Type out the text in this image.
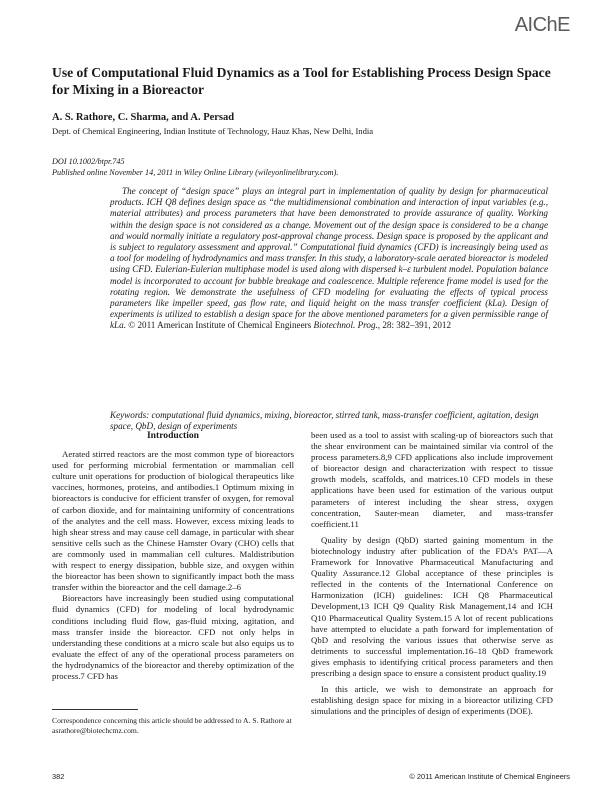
AIChE
Use of Computational Fluid Dynamics as a Tool for Establishing Process Design Space for Mixing in a Bioreactor
A. S. Rathore, C. Sharma, and A. Persad
Dept. of Chemical Engineering, Indian Institute of Technology, Hauz Khas, New Delhi, India
DOI 10.1002/btpr.745
Published online November 14, 2011 in Wiley Online Library (wileyonlinelibrary.com).

The concept of “design space” plays an integral part in implementation of quality by design for pharmaceutical products. ICH Q8 defines design space as “the multidimensional combination and interaction of input variables (e.g., material attributes) and process parameters that have been demonstrated to provide assurance of quality. Working within the design space is not considered as a change. Movement out of the design space is considered to be a change and would normally initiate a regulatory post-approval change process. Design space is proposed by the applicant and is subject to regulatory assessment and approval.” Computational fluid dynamics (CFD) is increasingly being used as a tool for modeling of hydrodynamics and mass transfer. In this study, a laboratory-scale aerated bioreactor is modeled using CFD. Eulerian-Eulerian multiphase model is used along with dispersed k–ε turbulent model. Population balance model is incorporated to account for bubble breakage and coalescence. Multiple reference frame model is used for the rotating region. We demonstrate the usefulness of CFD modeling for evaluating the effects of typical process parameters like impeller speed, gas flow rate, and liquid height on the mass transfer coefficient (kLa). Design of experiments is utilized to establish a design space for the above mentioned parameters for a given permissible range of kLa. © 2011 American Institute of Chemical Engineers Biotechnol. Prog., 28: 382–391, 2012

Keywords: computational fluid dynamics, mixing, bioreactor, stirred tank, mass-transfer coefficient, agitation, design space, QbD, design of experiments

Introduction

Aerated stirred reactors are the most common type of bioreactors used for performing microbial fermentation or mammalian cell culture unit operations for production of biological therapeutics like vaccines, hormones, proteins, and antibodies.1 Optimum mixing in bioreactors is conducive for efficient transfer of oxygen, for removal of carbon dioxide, and for maintaining uniformity of concentrations of the analytes and the cell mass. However, excess mixing leads to high shear stress and may cause cell damage, in particular with shear sensitive cells such as the Chinese Hamster Ovary (CHO) cells that are commonly used in mammalian cell cultures. Maldistribution with respect to energy dissipation, bubble size, and oxygen within the bioreactor has been shown to significantly impact both the mass transfer within the bioreactor and the cell damage.2–6

Bioreactors have increasingly been studied using computational fluid dynamics (CFD) for modeling of local hydrodynamic conditions including fluid flow, gas-fluid mixing, agitation, and mass transfer inside the bioreactor. CFD not only helps in understanding these conditions at a micro scale but also equips us to evaluate the effect of any of the operational process parameters on the hydrodynamics of the bioreactor and thereby optimization of the process.7 CFD has

been used as a tool to assist with scaling-up of bioreactors such that the shear environment can be maintained similar via control of the process parameters.8,9 CFD applications also include improvement of bioreactor design and characterization with respect to tissue growth models, scaffolds, and matrices.10 CFD models in these applications have been used for estimation of the various output parameters of interest including the shear stress, oxygen concentration, Sauter-mean diameter, and mass-transfer coefficient.11

Quality by design (QbD) started gaining momentum in the biotechnology industry after publication of the FDA’s PAT—A Framework for Innovative Pharmaceutical Manufacturing and Quality Assurance.12 Global acceptance of these principles is reflected in the contents of the International Conference on Harmonization (ICH) guidelines: ICH Q8 Pharmaceutical Development,13 ICH Q9 Quality Risk Management,14 and ICH Q10 Pharmaceutical Quality System.15 A lot of recent publications have attempted to elucidate a path forward for implementation of QbD and resolving the various issues that otherwise serve as detriments to successful implementation.16–18 QbD framework gives emphasis to identifying critical process parameters and then prescribing a design space to ensure a consistent product quality.19

In this article, we wish to demonstrate an approach for establishing design space for mixing in a bioreactor utilizing CFD simulations and the principles of design of experiments (DOE).

Correspondence concerning this article should be addressed to A. S. Rathore at asrathore@biotechcmz.com.

382	© 2011 American Institute of Chemical Engineers
